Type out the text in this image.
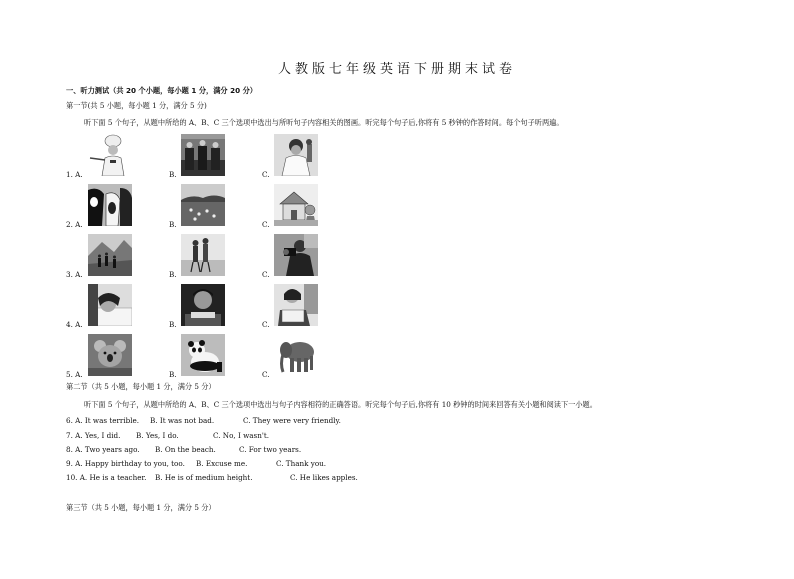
人教版七年级英语下册期末试卷
一、听力测试（共 20 个小题，每小题 1 分，满分 20 分）
第一节(共 5 小题，每小题 1 分，满分 5 分)
听下面 5 个句子，从题中所给的 A、B、C 三个选项中选出与所听句子内容相关的图画。听完每个句子后,你将有 5 秒钟的作答时间。每个句子听两遍。
1. A.	B.	C.
2. A.	B.	C.
3. A.	B.	C.
4. A.	B.	C.
5. A.	B.	C.
第二节（共 5 小题，每小题 1 分，满分 5 分）
听下面 5 个句子，从题中所给的 A、B、C 三个选项中选出与句子内容相符的正确答语。听完每个句子后,你将有 10 秒钟的时间来回答有关小题和阅读下一小题。
6. A. It was terrible. B. It was not bad.	C. They were very friendly.
7. A. Yes, I did. B. Yes, I do.	C. No, I wasn't.
8. A. Two years ago. B. On the beach.	C. For two years.
9. A. Happy birthday to you, too. B. Excuse me.	C. Thank you.
10. A. He is a teacher. B. He is of medium height.	C. He likes apples.
第三节（共 5 小题，每小题 1 分，满分 5 分）
